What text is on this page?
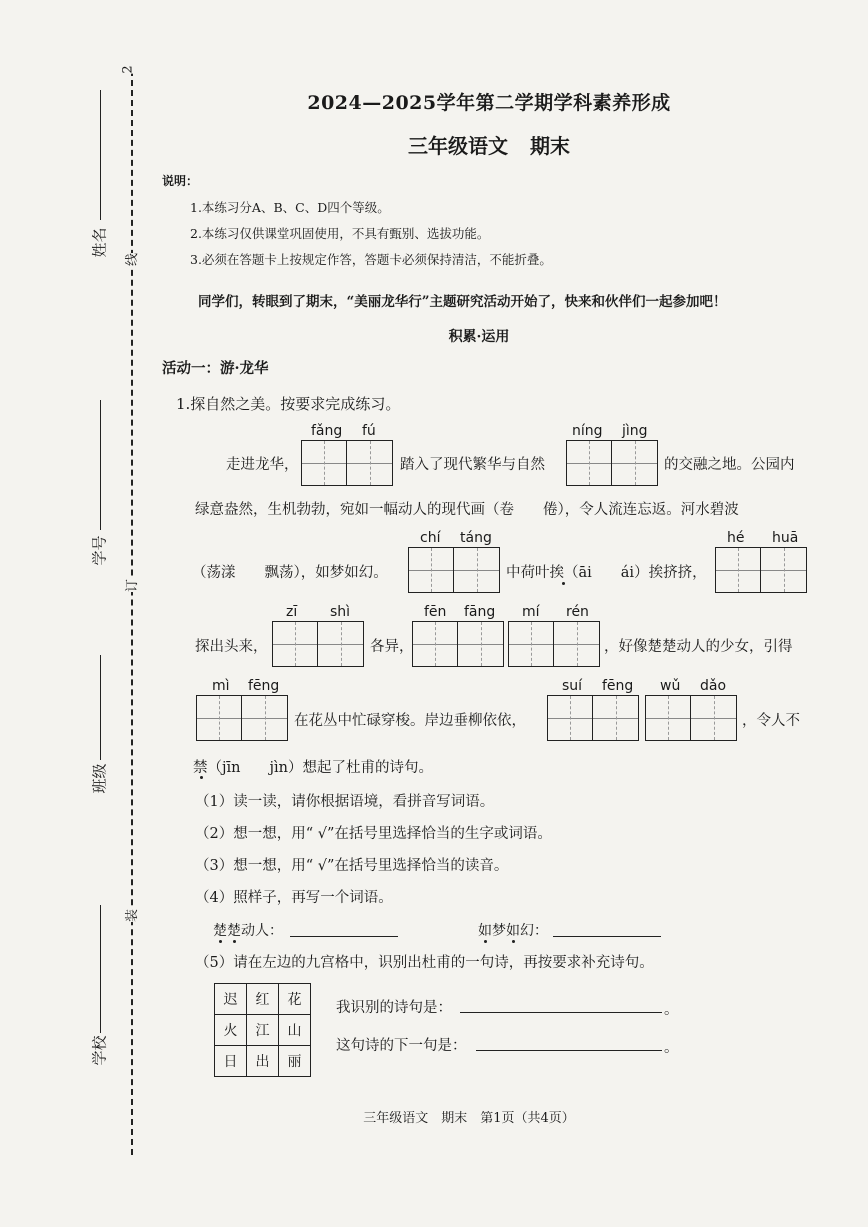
2
线
订
装
姓名
学号
班级
学校
2024—2025学年第二学期学科素养形成
三年级语文 期末
说明：
1.本练习分A、B、C、D四个等级。
2.本练习仅供课堂巩固使用，不具有甄别、选拔功能。
3.必须在答题卡上按规定作答，答题卡必须保持清洁，不能折叠。
同学们，转眼到了期末，“美丽龙华行”主题研究活动开始了，快来和伙伴们一起参加吧！
积累·运用
活动一：游·龙华
1.探自然之美。按要求完成练习。
fǎng fú
走进龙华，	踏入了现代繁华与自然
níng jìng
的交融之地。公园内
绿意盎然，生机勃勃，宛如一幅动人的现代画（卷　　倦），令人流连忘返。河水碧波
chí táng	hé huā
（荡漾　　飘荡），如梦如幻。	中荷叶挨（āi　　ái）挨挤挤，
zī shì	fēn fāng mí rén
探出头来，	各异，	，好像楚楚动人的少女，引得
mì fēng	suí fēng wǔ dǎo
在花丛中忙碌穿梭。岸边垂柳依依，	，令人不
禁（jīn　　jìn）想起了杜甫的诗句。
（1）读一读，请你根据语境，看拼音写词语。
（2）想一想，用“ √”在括号里选择恰当的生字或词语。
（3）想一想，用“ √”在括号里选择恰当的读音。
（4）照样子，再写一个词语。
楚楚动人：	如梦如幻：
（5）请在左边的九宫格中，识别出杜甫的一句诗，再按要求补充诗句。
迟	红	花
火	江	山
日	出	丽
我识别的诗句是：	。
这句诗的下一句是：	。
三年级语文　期末　第1页（共4页）
